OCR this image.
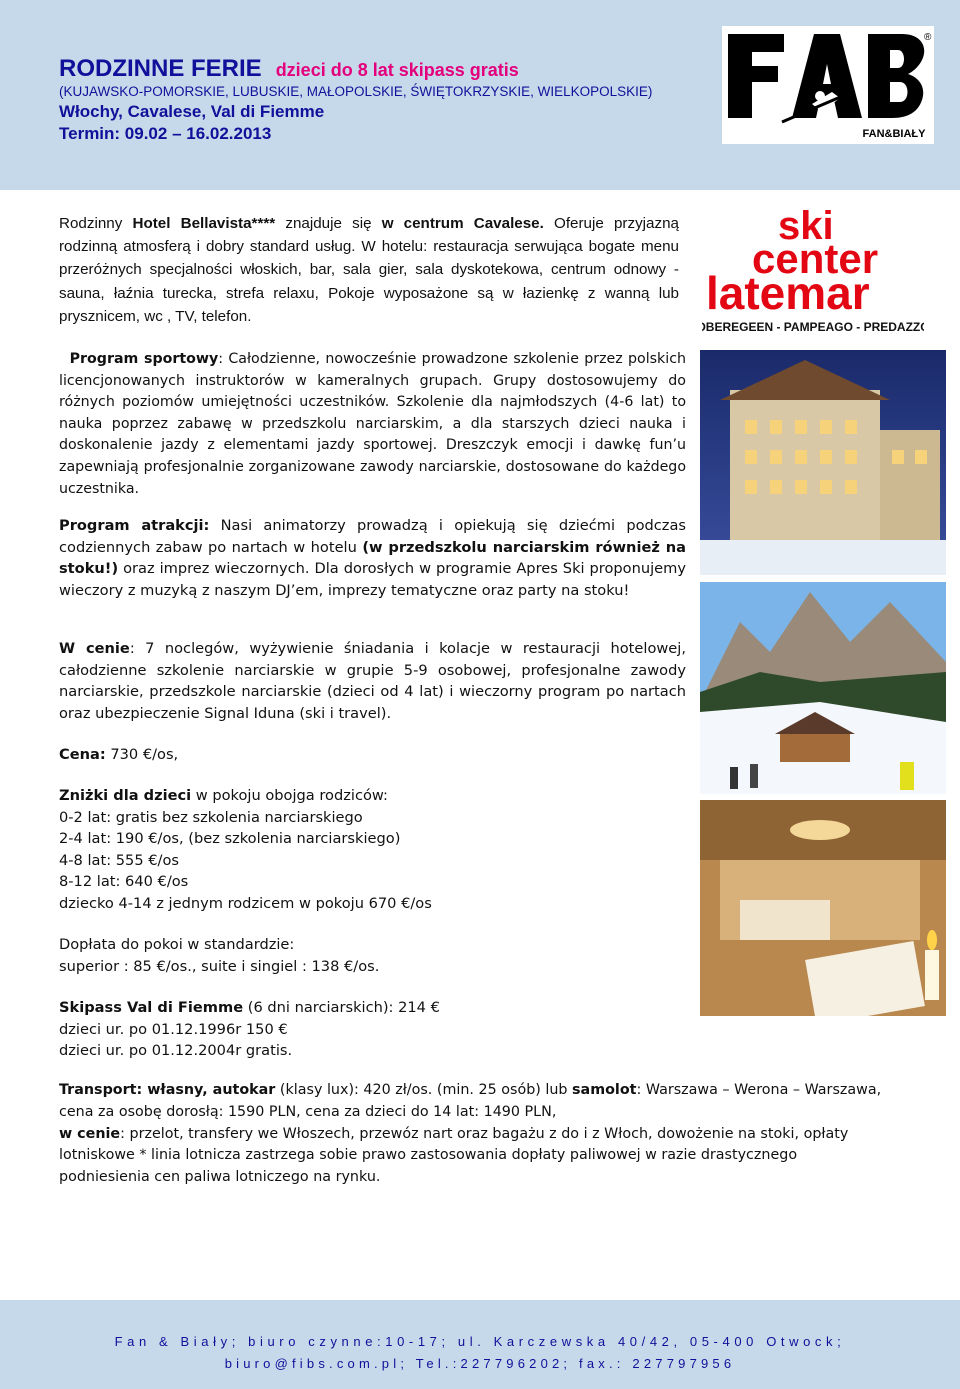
RODZINNE FERIE dzieci do 8 lat skipass gratis
(KUJAWSKO-POMORSKIE, LUBUSKIE, MAŁOPOLSKIE, ŚWIĘTOKRZYSKIE, WIELKOPOLSKIE)
Włochy, Cavalese, Val di Fiemme
Termin: 09.02 – 16.02.2013
®
FAN&BIAŁY
Rodzinny Hotel Bellavista**** znajduje się w centrum Cavalese. Oferuje przyjazną rodzinną atmosferą i dobry standard usług. W hotelu: restauracja serwująca bogate menu przeróżnych specjalności włoskich, bar, sala gier, sala dyskotekowa, centrum odnowy - sauna, łaźnia turecka, strefa relaxu, Pokoje wyposażone są w łazienkę z wanną lub prysznicem, wc , TV, telefon.
ski
center
latemar
OBEREGEEN - PAMPEAGO - PREDAZZO
Program sportowy: Całodzienne, nowocześnie prowadzone szkolenie przez polskich licencjonowanych instruktorów w kameralnych grupach. Grupy dostosowujemy do różnych poziomów umiejętności uczestników. Szkolenie dla najmłodszych (4-6 lat) to nauka poprzez zabawę w przedszkolu narciarskim, a dla starszych dzieci nauka i doskonalenie jazdy z elementami jazdy sportowej. Dreszczyk emocji i dawkę fun’u zapewniają profesjonalnie zorganizowane zawody narciarskie, dostosowane do każdego uczestnika.
Program atrakcji: Nasi animatorzy prowadzą i opiekują się dziećmi podczas codziennych zabaw po nartach w hotelu (w przedszkolu narciarskim również na stoku!) oraz imprez wieczornych. Dla dorosłych w programie Apres Ski proponujemy wieczory z muzyką z naszym DJ’em, imprezy tematyczne oraz party na stoku!
W cenie: 7 noclegów, wyżywienie śniadania i kolacje w restauracji hotelowej, całodzienne szkolenie narciarskie w grupie 5-9 osobowej, profesjonalne zawody narciarskie, przedszkole narciarskie (dzieci od 4 lat) i wieczorny program po nartach oraz ubezpieczenie Signal Iduna (ski i travel).
Cena: 730 €/os,
Zniżki dla dzieci w pokoju obojga rodziców:
0-2 lat: gratis bez szkolenia narciarskiego
2-4 lat: 190 €/os, (bez szkolenia narciarskiego)
4-8 lat: 555 €/os
8-12 lat: 640 €/os
dziecko 4-14 z jednym rodzicem w pokoju 670 €/os
Dopłata do pokoi w standardzie:
superior : 85 €/os., suite i singiel : 138 €/os.
Skipass Val di Fiemme (6 dni narciarskich): 214 €
dzieci ur. po 01.12.1996r 150 €
dzieci ur. po 01.12.2004r gratis.
Transport: własny, autokar (klasy lux): 420 zł/os. (min. 25 osób) lub samolot: Warszawa – Werona – Warszawa, cena za osobę dorosłą: 1590 PLN, cena za dzieci do 14 lat: 1490 PLN,
w cenie: przelot, transfery we Włoszech, przewóz nart oraz bagażu z do i z Włoch, dowożenie na stoki, opłaty lotniskowe * linia lotnicza zastrzega sobie prawo zastosowania dopłaty paliwowej w razie drastycznego podniesienia cen paliwa lotniczego na rynku.
Fan & Biały; biuro czynne:10-17; ul. Karczewska 40/42, 05-400 Otwock;
biuro@fibs.com.pl; Tel.:227796202; fax.: 227797956
